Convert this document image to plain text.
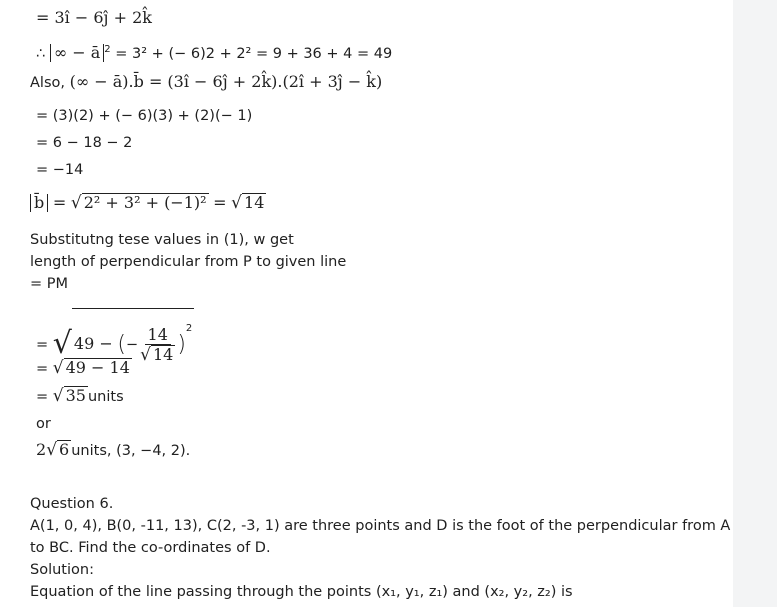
= 3î − 6ĵ + 2k̂
∴ ∞ − ā $^2$ = 3² + (− 6)2 + 2² = 9 + 36 + 4 = 49
Also, (∞ − ā).b̄ = (3î − 6ĵ + 2k̂).(2î + 3ĵ − k̂)
= (3)(2) + (− 6)(3) + (2)(− 1)
= 6 − 18 − 2
= −14
b̄ = √ 2² + 3² + (−1)² = √ 14
Substitutng tese values in (1), w get
length of perpendicular from P to given line
= PM
= √ 49 − (− $\frac{14}{√ 14} )^2$
= √ 49 − 14
= √ 35 units
or
2√ 6 units, (3, −4, 2).
Question 6.
A(1, 0, 4), B(0, -11, 13), C(2, -3, 1) are three points and D is the foot of the perpendicular from A
to BC. Find the co-ordinates of D.
Solution:
Equation of the line passing through the points (x₁, y₁, z₁) and (x₂, y₂, z₂) is
